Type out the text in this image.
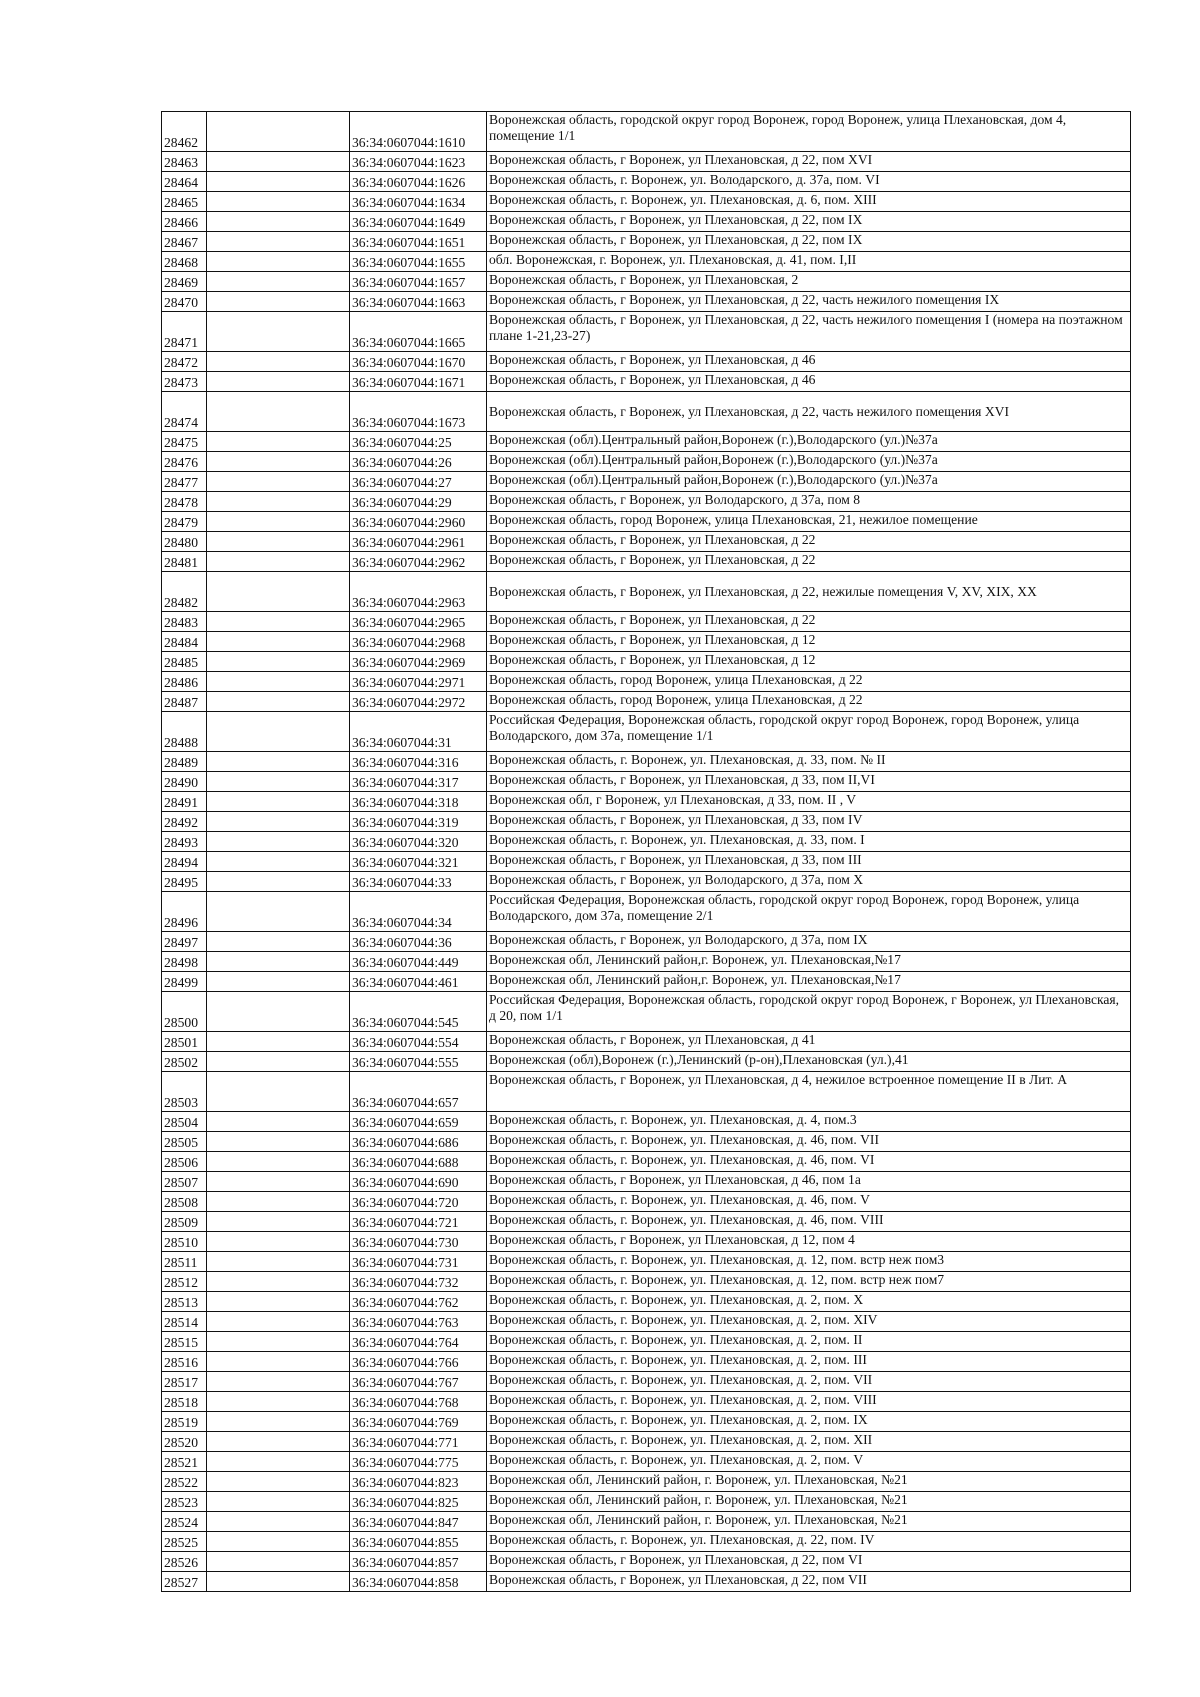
28462		36:34:0607044:1610	Воронежская область, городской округ город Воронеж, город Воронеж, улица Плехановская, дом 4, помещение 1/1
28463		36:34:0607044:1623	Воронежская область, г Воронеж, ул Плехановская, д 22, пом XVI
28464		36:34:0607044:1626	Воронежская область, г. Воронеж, ул. Володарского, д. 37а, пом. VI
28465		36:34:0607044:1634	Воронежская область, г. Воронеж, ул. Плехановская, д. 6, пом. XIII
28466		36:34:0607044:1649	Воронежская область, г Воронеж, ул Плехановская, д 22, пом IX
28467		36:34:0607044:1651	Воронежская область, г Воронеж, ул Плехановская, д 22, пом IX
28468		36:34:0607044:1655	обл. Воронежская, г. Воронеж, ул. Плехановская, д. 41, пом. I,II
28469		36:34:0607044:1657	Воронежская область, г Воронеж, ул Плехановская, 2
28470		36:34:0607044:1663	Воронежская область, г Воронеж, ул Плехановская, д 22, часть нежилого помещения IX
28471		36:34:0607044:1665	Воронежская область, г Воронеж, ул Плехановская, д 22, часть нежилого помещения I (номера на поэтажном плане 1-21,23-27)
28472		36:34:0607044:1670	Воронежская область, г Воронеж, ул Плехановская, д 46
28473		36:34:0607044:1671	Воронежская область, г Воронеж, ул Плехановская, д 46
28474		36:34:0607044:1673	Воронежская область, г Воронеж, ул Плехановская, д 22, часть нежилого помещения XVI
28475		36:34:0607044:25	Воронежская (обл).Центральный район,Воронеж (г.),Володарского (ул.)№37а
28476		36:34:0607044:26	Воронежская (обл).Центральный район,Воронеж (г.),Володарского (ул.)№37а
28477		36:34:0607044:27	Воронежская (обл).Центральный район,Воронеж (г.),Володарского (ул.)№37а
28478		36:34:0607044:29	Воронежская область, г Воронеж, ул Володарского, д 37а, пом 8
28479		36:34:0607044:2960	Воронежская область, город Воронеж, улица Плехановская, 21, нежилое помещение
28480		36:34:0607044:2961	Воронежская область, г Воронеж, ул Плехановская, д 22
28481		36:34:0607044:2962	Воронежская область, г Воронеж, ул Плехановская, д 22
28482		36:34:0607044:2963	Воронежская область, г Воронеж, ул Плехановская, д 22, нежилые помещения V, XV, XIX, XX
28483		36:34:0607044:2965	Воронежская область, г Воронеж, ул Плехановская, д 22
28484		36:34:0607044:2968	Воронежская область, г Воронеж, ул Плехановская, д 12
28485		36:34:0607044:2969	Воронежская область, г Воронеж, ул Плехановская, д 12
28486		36:34:0607044:2971	Воронежская область, город Воронеж, улица Плехановская, д 22
28487		36:34:0607044:2972	Воронежская область, город Воронеж, улица Плехановская, д 22
28488		36:34:0607044:31	Российская Федерация, Воронежская область, городской округ город Воронеж, город Воронеж, улица Володарского, дом 37а, помещение 1/1
28489		36:34:0607044:316	Воронежская область, г. Воронеж, ул. Плехановская, д. 33, пом. № II
28490		36:34:0607044:317	Воронежская область, г Воронеж, ул Плехановская, д 33, пом II,VI
28491		36:34:0607044:318	Воронежская обл, г Воронеж, ул Плехановская, д 33, пом. II , V
28492		36:34:0607044:319	Воронежская область, г Воронеж, ул Плехановская, д 33, пом IV
28493		36:34:0607044:320	Воронежская область, г. Воронеж, ул. Плехановская, д. 33, пом. I
28494		36:34:0607044:321	Воронежская область, г Воронеж, ул Плехановская, д 33, пом III
28495		36:34:0607044:33	Воронежская область, г Воронеж, ул Володарского, д 37а, пом X
28496		36:34:0607044:34	Российская Федерация, Воронежская область, городской округ город Воронеж, город Воронеж, улица Володарского, дом 37а, помещение 2/1
28497		36:34:0607044:36	Воронежская область, г Воронеж, ул Володарского, д 37а, пом IX
28498		36:34:0607044:449	Воронежская обл, Ленинский район,г. Воронеж, ул. Плехановская,№17
28499		36:34:0607044:461	Воронежская обл, Ленинский район,г. Воронеж, ул. Плехановская,№17
28500		36:34:0607044:545	Российская Федерация, Воронежская область, городской округ город Воронеж, г Воронеж, ул Плехановская, д 20, пом 1/1
28501		36:34:0607044:554	Воронежская область, г Воронеж, ул Плехановская, д 41
28502		36:34:0607044:555	Воронежская (обл),Воронеж (г.),Ленинский (р-он),Плехановская (ул.),41
28503		36:34:0607044:657	Воронежская область, г Воронеж, ул Плехановская, д 4, нежилое встроенное помещение II в Лит. А
28504		36:34:0607044:659	Воронежская область, г. Воронеж, ул. Плехановская, д. 4, пом.3
28505		36:34:0607044:686	Воронежская область, г. Воронеж, ул. Плехановская, д. 46, пом. VII
28506		36:34:0607044:688	Воронежская область, г. Воронеж, ул. Плехановская, д. 46, пом. VI
28507		36:34:0607044:690	Воронежская область, г Воронеж, ул Плехановская, д 46, пом 1а
28508		36:34:0607044:720	Воронежская область, г. Воронеж, ул. Плехановская, д. 46, пом. V
28509		36:34:0607044:721	Воронежская область, г. Воронеж, ул. Плехановская, д. 46, пом. VIII
28510		36:34:0607044:730	Воронежская область, г Воронеж, ул Плехановская, д 12, пом 4
28511		36:34:0607044:731	Воронежская область, г. Воронеж, ул. Плехановская, д. 12, пом. встр неж пом3
28512		36:34:0607044:732	Воронежская область, г. Воронеж, ул. Плехановская, д. 12, пом. встр неж пом7
28513		36:34:0607044:762	Воронежская область, г. Воронеж, ул. Плехановская, д. 2, пом. X
28514		36:34:0607044:763	Воронежская область, г. Воронеж, ул. Плехановская, д. 2, пом. XIV
28515		36:34:0607044:764	Воронежская область, г. Воронеж, ул. Плехановская, д. 2, пом. II
28516		36:34:0607044:766	Воронежская область, г. Воронеж, ул. Плехановская, д. 2, пом. III
28517		36:34:0607044:767	Воронежская область, г. Воронеж, ул. Плехановская, д. 2, пом. VII
28518		36:34:0607044:768	Воронежская область, г. Воронеж, ул. Плехановская, д. 2, пом. VIII
28519		36:34:0607044:769	Воронежская область, г. Воронеж, ул. Плехановская, д. 2, пом. IX
28520		36:34:0607044:771	Воронежская область, г. Воронеж, ул. Плехановская, д. 2, пом. XII
28521		36:34:0607044:775	Воронежская область, г. Воронеж, ул. Плехановская, д. 2, пом. V
28522		36:34:0607044:823	Воронежская обл, Ленинский район, г. Воронеж, ул. Плехановская, №21
28523		36:34:0607044:825	Воронежская обл, Ленинский район, г. Воронеж, ул. Плехановская, №21
28524		36:34:0607044:847	Воронежская обл, Ленинский район, г. Воронеж, ул. Плехановская, №21
28525		36:34:0607044:855	Воронежская область, г. Воронеж, ул. Плехановская, д. 22, пом. IV
28526		36:34:0607044:857	Воронежская область, г Воронеж, ул Плехановская, д 22, пом VI
28527		36:34:0607044:858	Воронежская область, г Воронеж, ул Плехановская, д 22, пом VII
